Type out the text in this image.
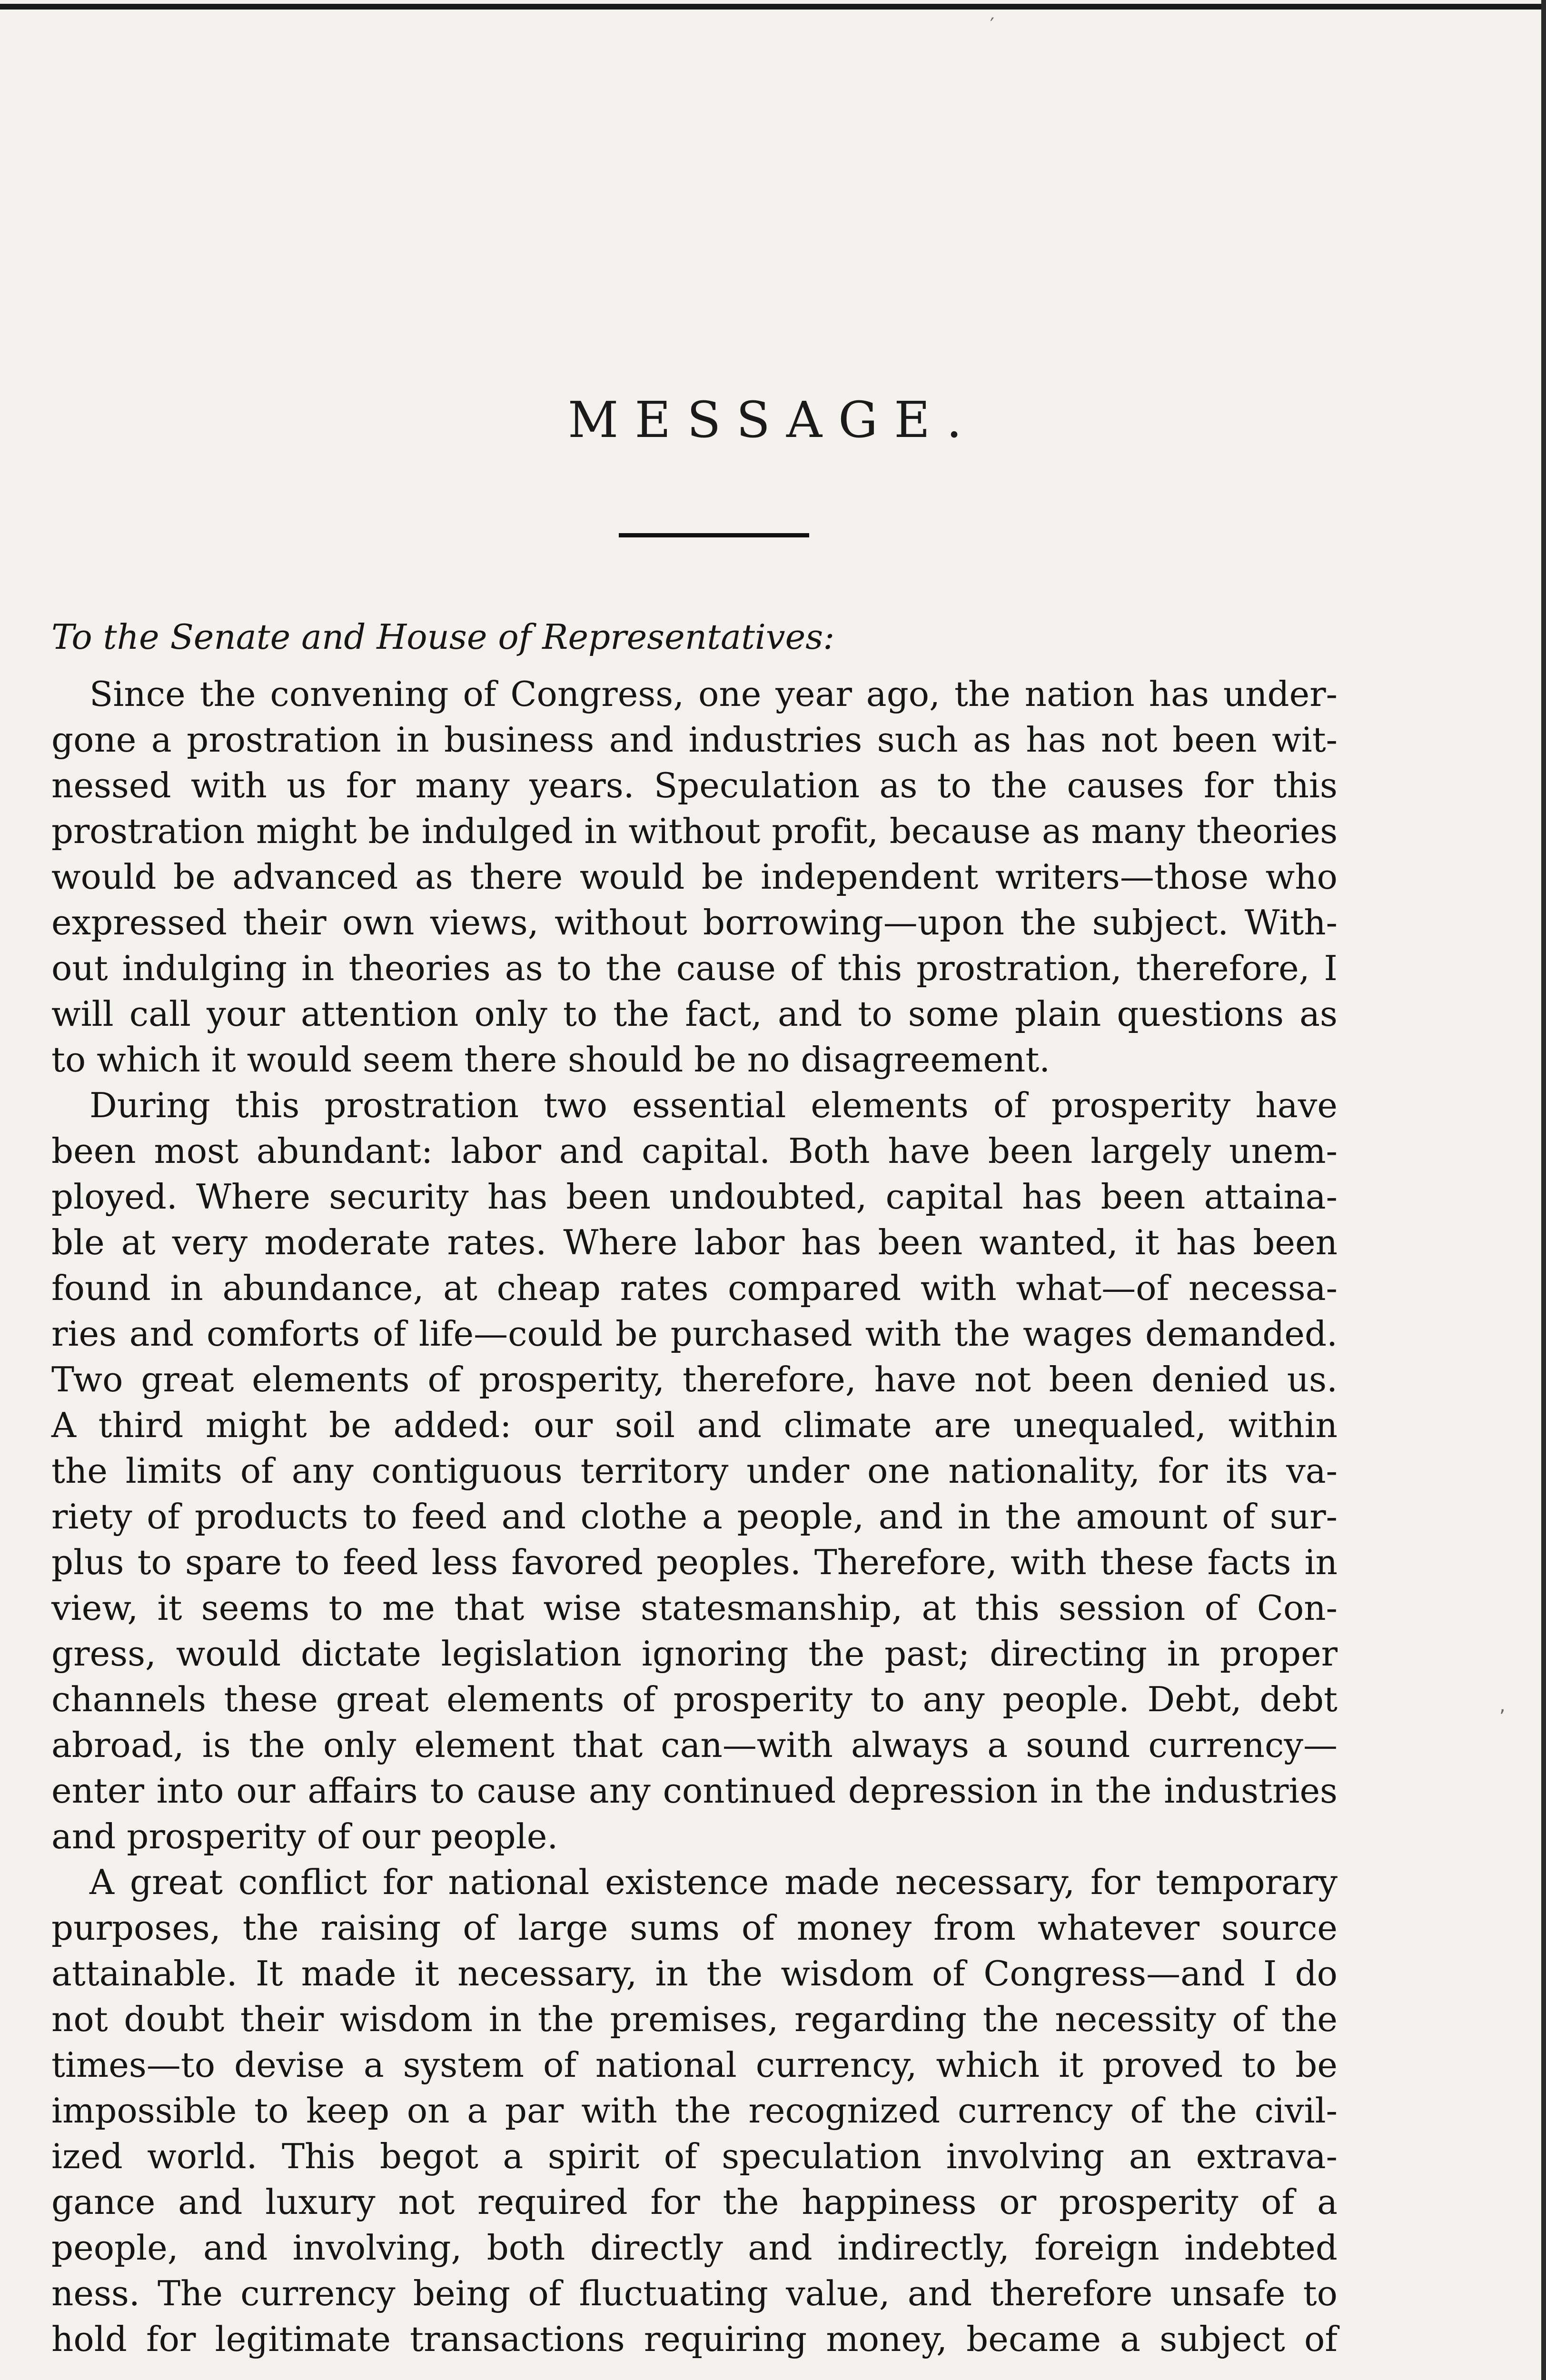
MESSAGE.
To the Senate and House of Representatives:
Since the convening of Congress, one year ago, the nation has under-
gone a prostration in business and industries such as has not been wit-
nessed with us for many years. Speculation as to the causes for this
prostration might be indulged in without profit, because as many theories
would be advanced as there would be independent writers—those who
expressed their own views, without borrowing—upon the subject. With-
out indulging in theories as to the cause of this prostration, therefore, I
will call your attention only to the fact, and to some plain questions as
to which it would seem there should be no disagreement.
During this prostration two essential elements of prosperity have
been most abundant: labor and capital. Both have been largely unem-
ployed. Where security has been undoubted, capital has been attaina-
ble at very moderate rates. Where labor has been wanted, it has been
found in abundance, at cheap rates compared with what—of necessa-
ries and comforts of life—could be purchased with the wages demanded.
Two great elements of prosperity, therefore, have not been denied us.
A third might be added: our soil and climate are unequaled, within
the limits of any contiguous territory under one nationality, for its va-
riety of products to feed and clothe a people, and in the amount of sur-
plus to spare to feed less favored peoples. Therefore, with these facts in
view, it seems to me that wise statesmanship, at this session of Con-
gress, would dictate legislation ignoring the past; directing in proper
channels these great elements of prosperity to any people. Debt, debt
abroad, is the only element that can—with always a sound currency—
enter into our affairs to cause any continued depression in the industries
and prosperity of our people.
A great conflict for national existence made necessary, for temporary
purposes, the raising of large sums of money from whatever source
attainable. It made it necessary, in the wisdom of Congress—and I do
not doubt their wisdom in the premises, regarding the necessity of the
times—to devise a system of national currency, which it proved to be
impossible to keep on a par with the recognized currency of the civil-
ized world. This begot a spirit of speculation involving an extrava-
gance and luxury not required for the happiness or prosperity of a
people, and involving, both directly and indirectly, foreign indebted
ness. The currency being of fluctuating value, and therefore unsafe to
hold for legitimate transactions requiring money, became a subject of
′
,
